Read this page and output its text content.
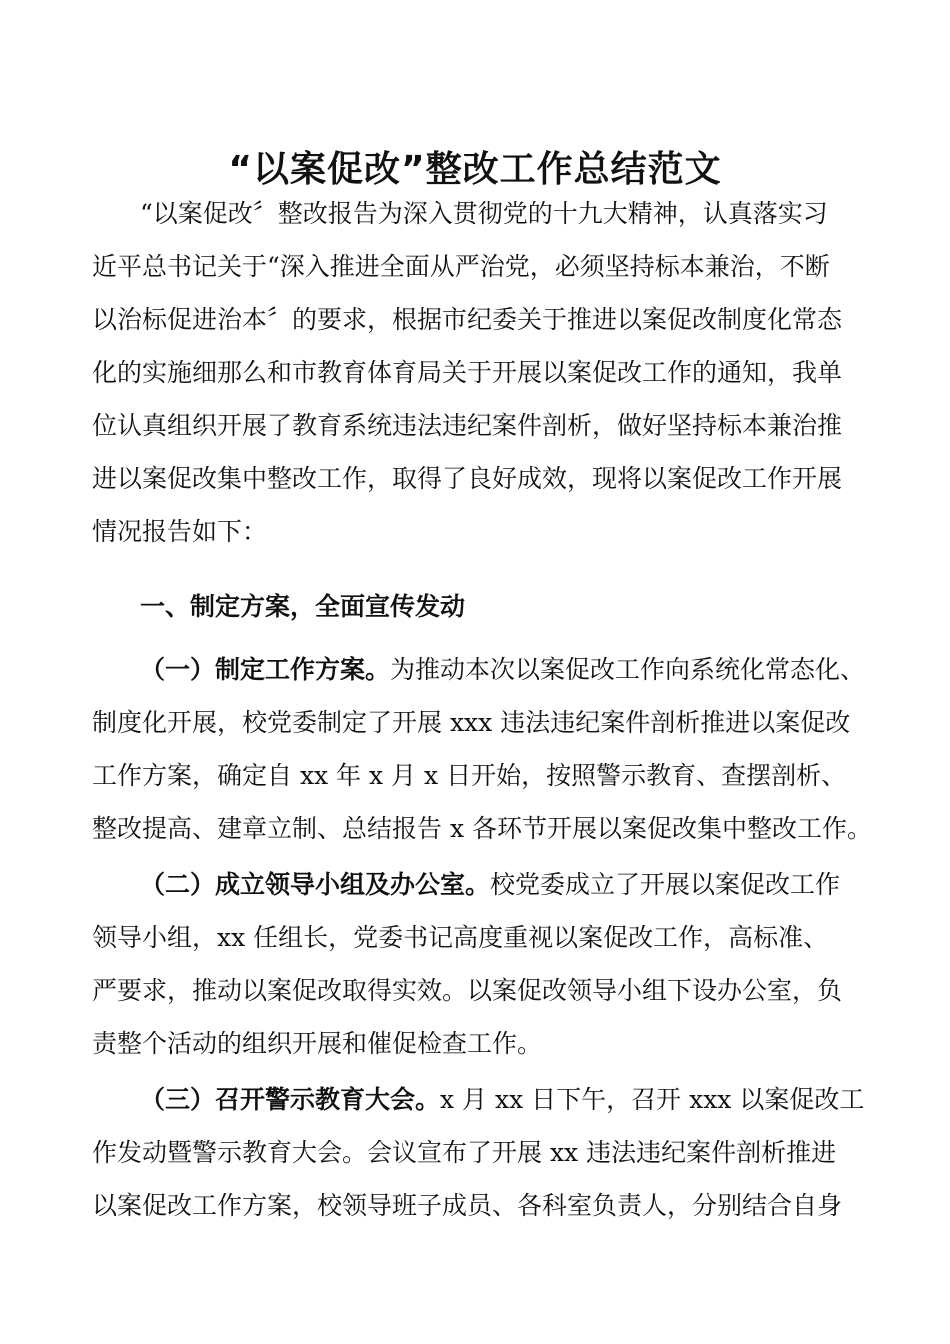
“以案促改”整改工作总结范文
“以案促改〞整改报告为深入贯彻党的十九大精神，认真落实习
近平总书记关于“深入推进全面从严治党，必须坚持标本兼治，不断
以治标促进治本〞的要求，根据市纪委关于推进以案促改制度化常态
化的实施细那么和市教育体育局关于开展以案促改工作的通知，我单
位认真组织开展了教育系统违法违纪案件剖析，做好坚持标本兼治推
进以案促改集中整改工作，取得了良好成效，现将以案促改工作开展
情况报告如下：
一、制定方案，全面宣传发动
（一）制定工作方案。为推动本次以案促改工作向系统化常态化、
制度化开展，校党委制定了开展 xxx 违法违纪案件剖析推进以案促改
工作方案，确定自 xx 年 x 月 x 日开始，按照警示教育、查摆剖析、
整改提高、建章立制、总结报告 x 各环节开展以案促改集中整改工作。
（二）成立领导小组及办公室。校党委成立了开展以案促改工作
领导小组，xx 任组长，党委书记高度重视以案促改工作，高标准、
严要求，推动以案促改取得实效。以案促改领导小组下设办公室，负
责整个活动的组织开展和催促检查工作。
（三）召开警示教育大会。x 月 xx 日下午，召开 xxx 以案促改工
作发动暨警示教育大会。会议宣布了开展 xx 违法违纪案件剖析推进
以案促改工作方案，校领导班子成员、各科室负责人，分别结合自身
